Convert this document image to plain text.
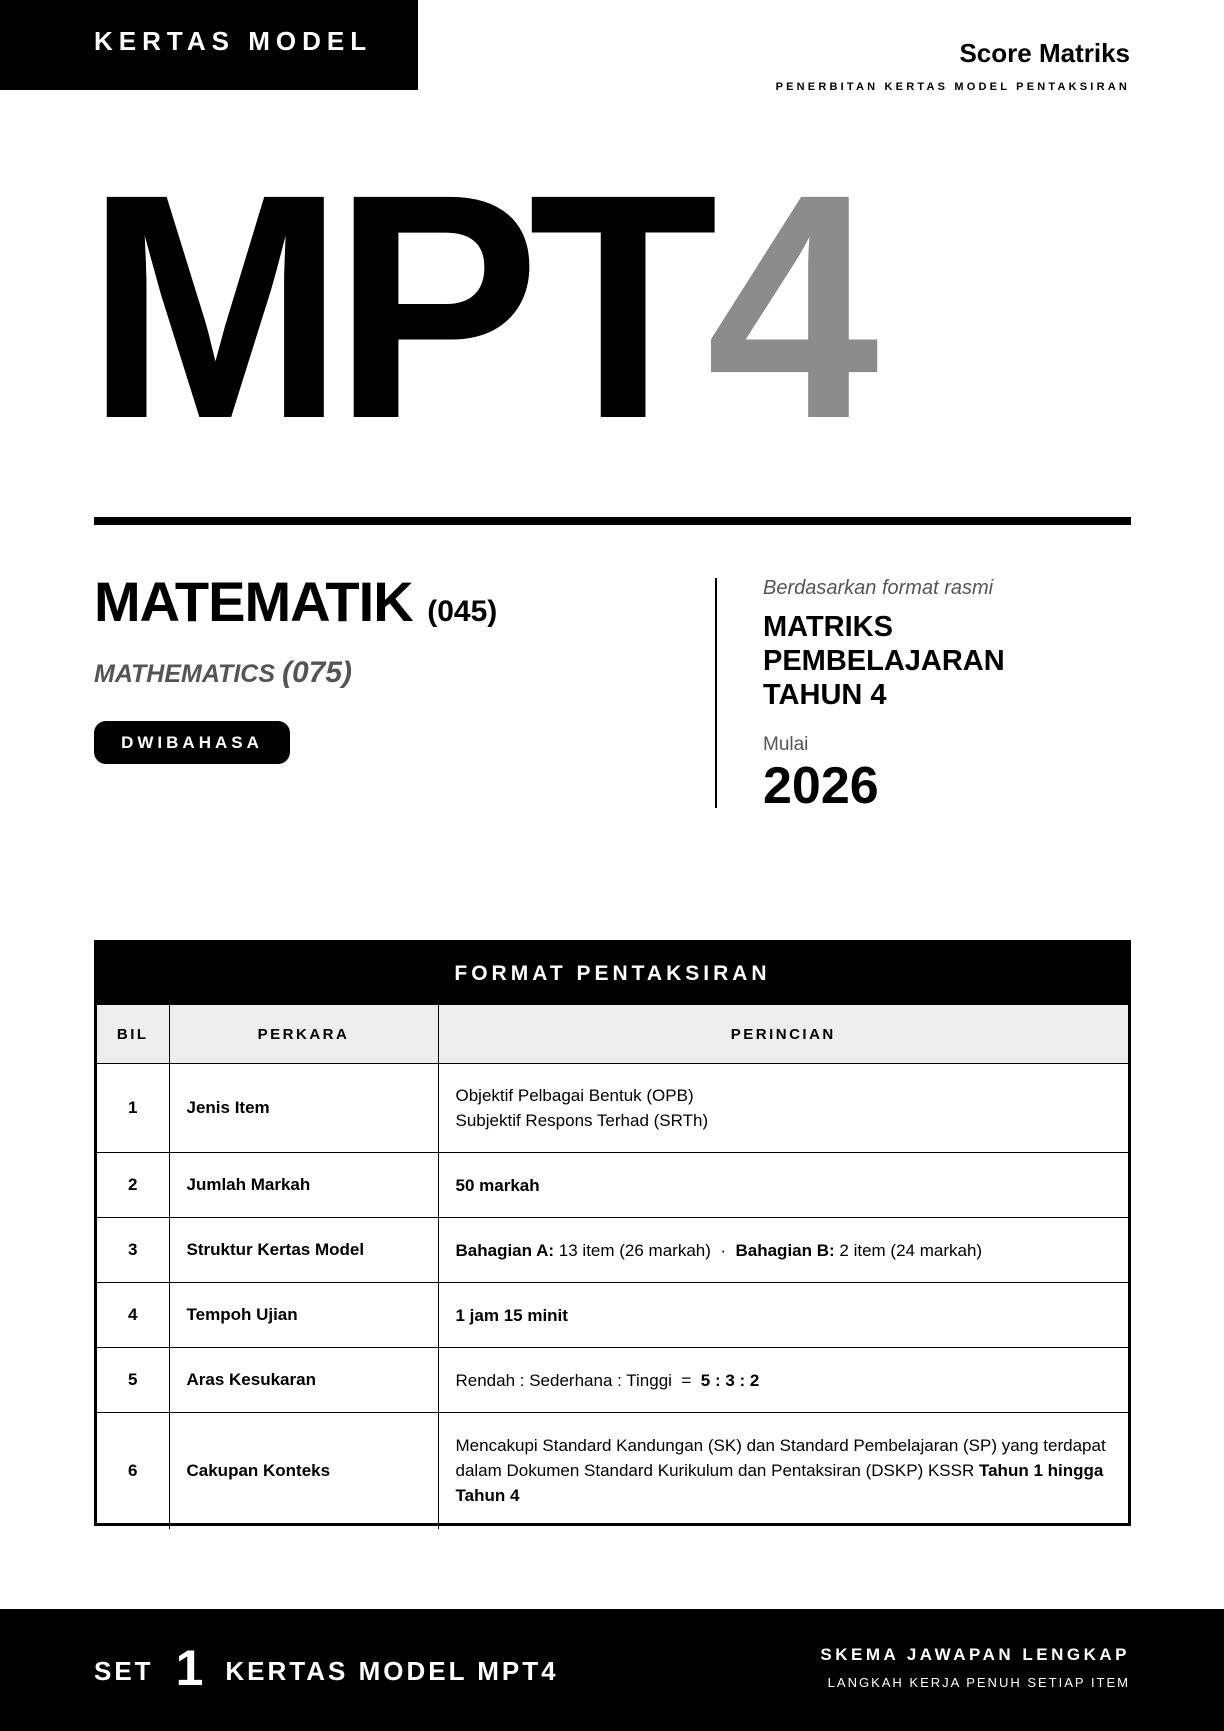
KERTAS MODEL	Score Matriks
PENERBITAN KERTAS MODEL PENTAKSIRAN
MPT4
MATEMATIK (045)
MATHEMATICS (075)
DWIBAHASA
Berdasarkan format rasmi
MATRIKS
PEMBELAJARAN
TAHUN 4
Mulai
2026
FORMAT PENTAKSIRAN
BIL	PERKARA	PERINCIAN
1	Jenis Item	Objektif Pelbagai Bentuk (OPB)
Subjektif Respons Terhad (SRTh)

2	Jumlah Markah	50 markah
3	Struktur Kertas Model	Bahagian A: 13 item (26 markah) · Bahagian B: 2 item (24 markah)
4	Tempoh Ujian	1 jam 15 minit
5	Aras Kesukaran	Rendah : Sederhana : Tinggi = 5 : 3 : 2
6	Cakupan Konteks	Mencakupi Standard Kandungan (SK) dan Standard Pembelajaran (SP) yang terdapat dalam Dokumen Standard Kurikulum dan Pentaksiran (DSKP) KSSR Tahun 1 hingga Tahun 4
SET 1 KERTAS MODEL MPT4
SKEMA JAWAPAN LENGKAP
LANGKAH KERJA PENUH SETIAP ITEM
